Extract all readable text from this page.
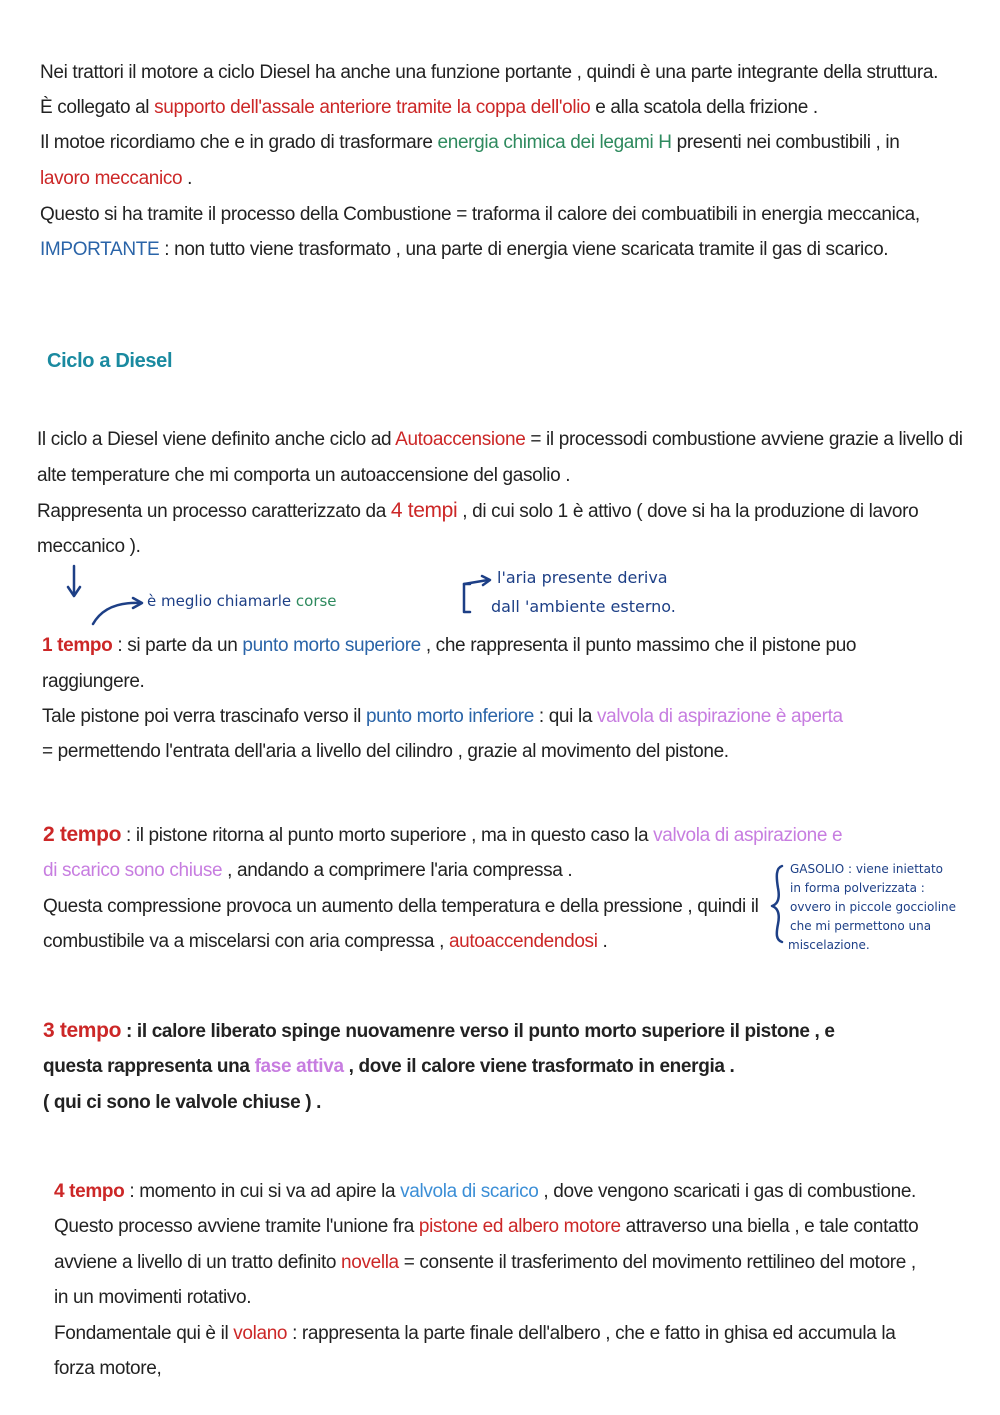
Nei trattori il motore a ciclo Diesel ha anche una funzione portante , quindi è una parte integrante della struttura.
È collegato al supporto dell'assale anteriore tramite la coppa dell'olio e alla scatola della frizione .
Il motoe ricordiamo che e in grado di trasformare energia chimica dei legami H presenti nei combustibili , in
lavoro meccanico .
Questo si ha tramite il processo della Combustione = traforma il calore dei combuatibili in energia meccanica,
IMPORTANTE : non tutto viene trasformato , una parte di energia viene scaricata tramite il gas di scarico.
Ciclo a Diesel
Il ciclo a Diesel viene definito anche ciclo ad Autoaccensione = il processodi combustione avviene grazie a livello di
alte temperature che mi comporta un autoaccensione del gasolio .
Rappresenta un processo caratterizzato da 4 tempi , di cui solo 1 è attivo ( dove si ha la produzione di lavoro
meccanico ).
è meglio chiamarle corse
l'aria presente deriva
dall 'ambiente esterno.
1 tempo : si parte da un punto morto superiore , che rappresenta il punto massimo che il pistone puo
raggiungere.
Tale pistone poi verra trascinafo verso il punto morto inferiore : qui la valvola di aspirazione è aperta
= permettendo l'entrata dell'aria a livello del cilindro , grazie al movimento del pistone.
2 tempo : il pistone ritorna al punto morto superiore , ma in questo caso la valvola di aspirazione e
di scarico sono chiuse , andando a comprimere l'aria compressa .
Questa compressione provoca un aumento della temperatura e della pressione , quindi il
combustibile va a miscelarsi con aria compressa , autoaccendendosi .
GASOLIO : viene iniettato
in forma polverizzata :
ovvero in piccole goccioline
che mi permettono una
miscelazione.
3 tempo : il calore liberato spinge nuovamenre verso il punto morto superiore il pistone , e
questa rappresenta una fase attiva , dove il calore viene trasformato in energia .
( qui ci sono le valvole chiuse ) .
4 tempo : momento in cui si va ad apire la valvola di scarico , dove vengono scaricati i gas di combustione.
Questo processo avviene tramite l'unione fra pistone ed albero motore attraverso una biella , e tale contatto
avviene a livello di un tratto definito novella = consente il trasferimento del movimento rettilineo del motore ,
in un movimenti rotativo.
Fondamentale qui è il volano : rappresenta la parte finale dell'albero , che e fatto in ghisa ed accumula la
forza motore,
